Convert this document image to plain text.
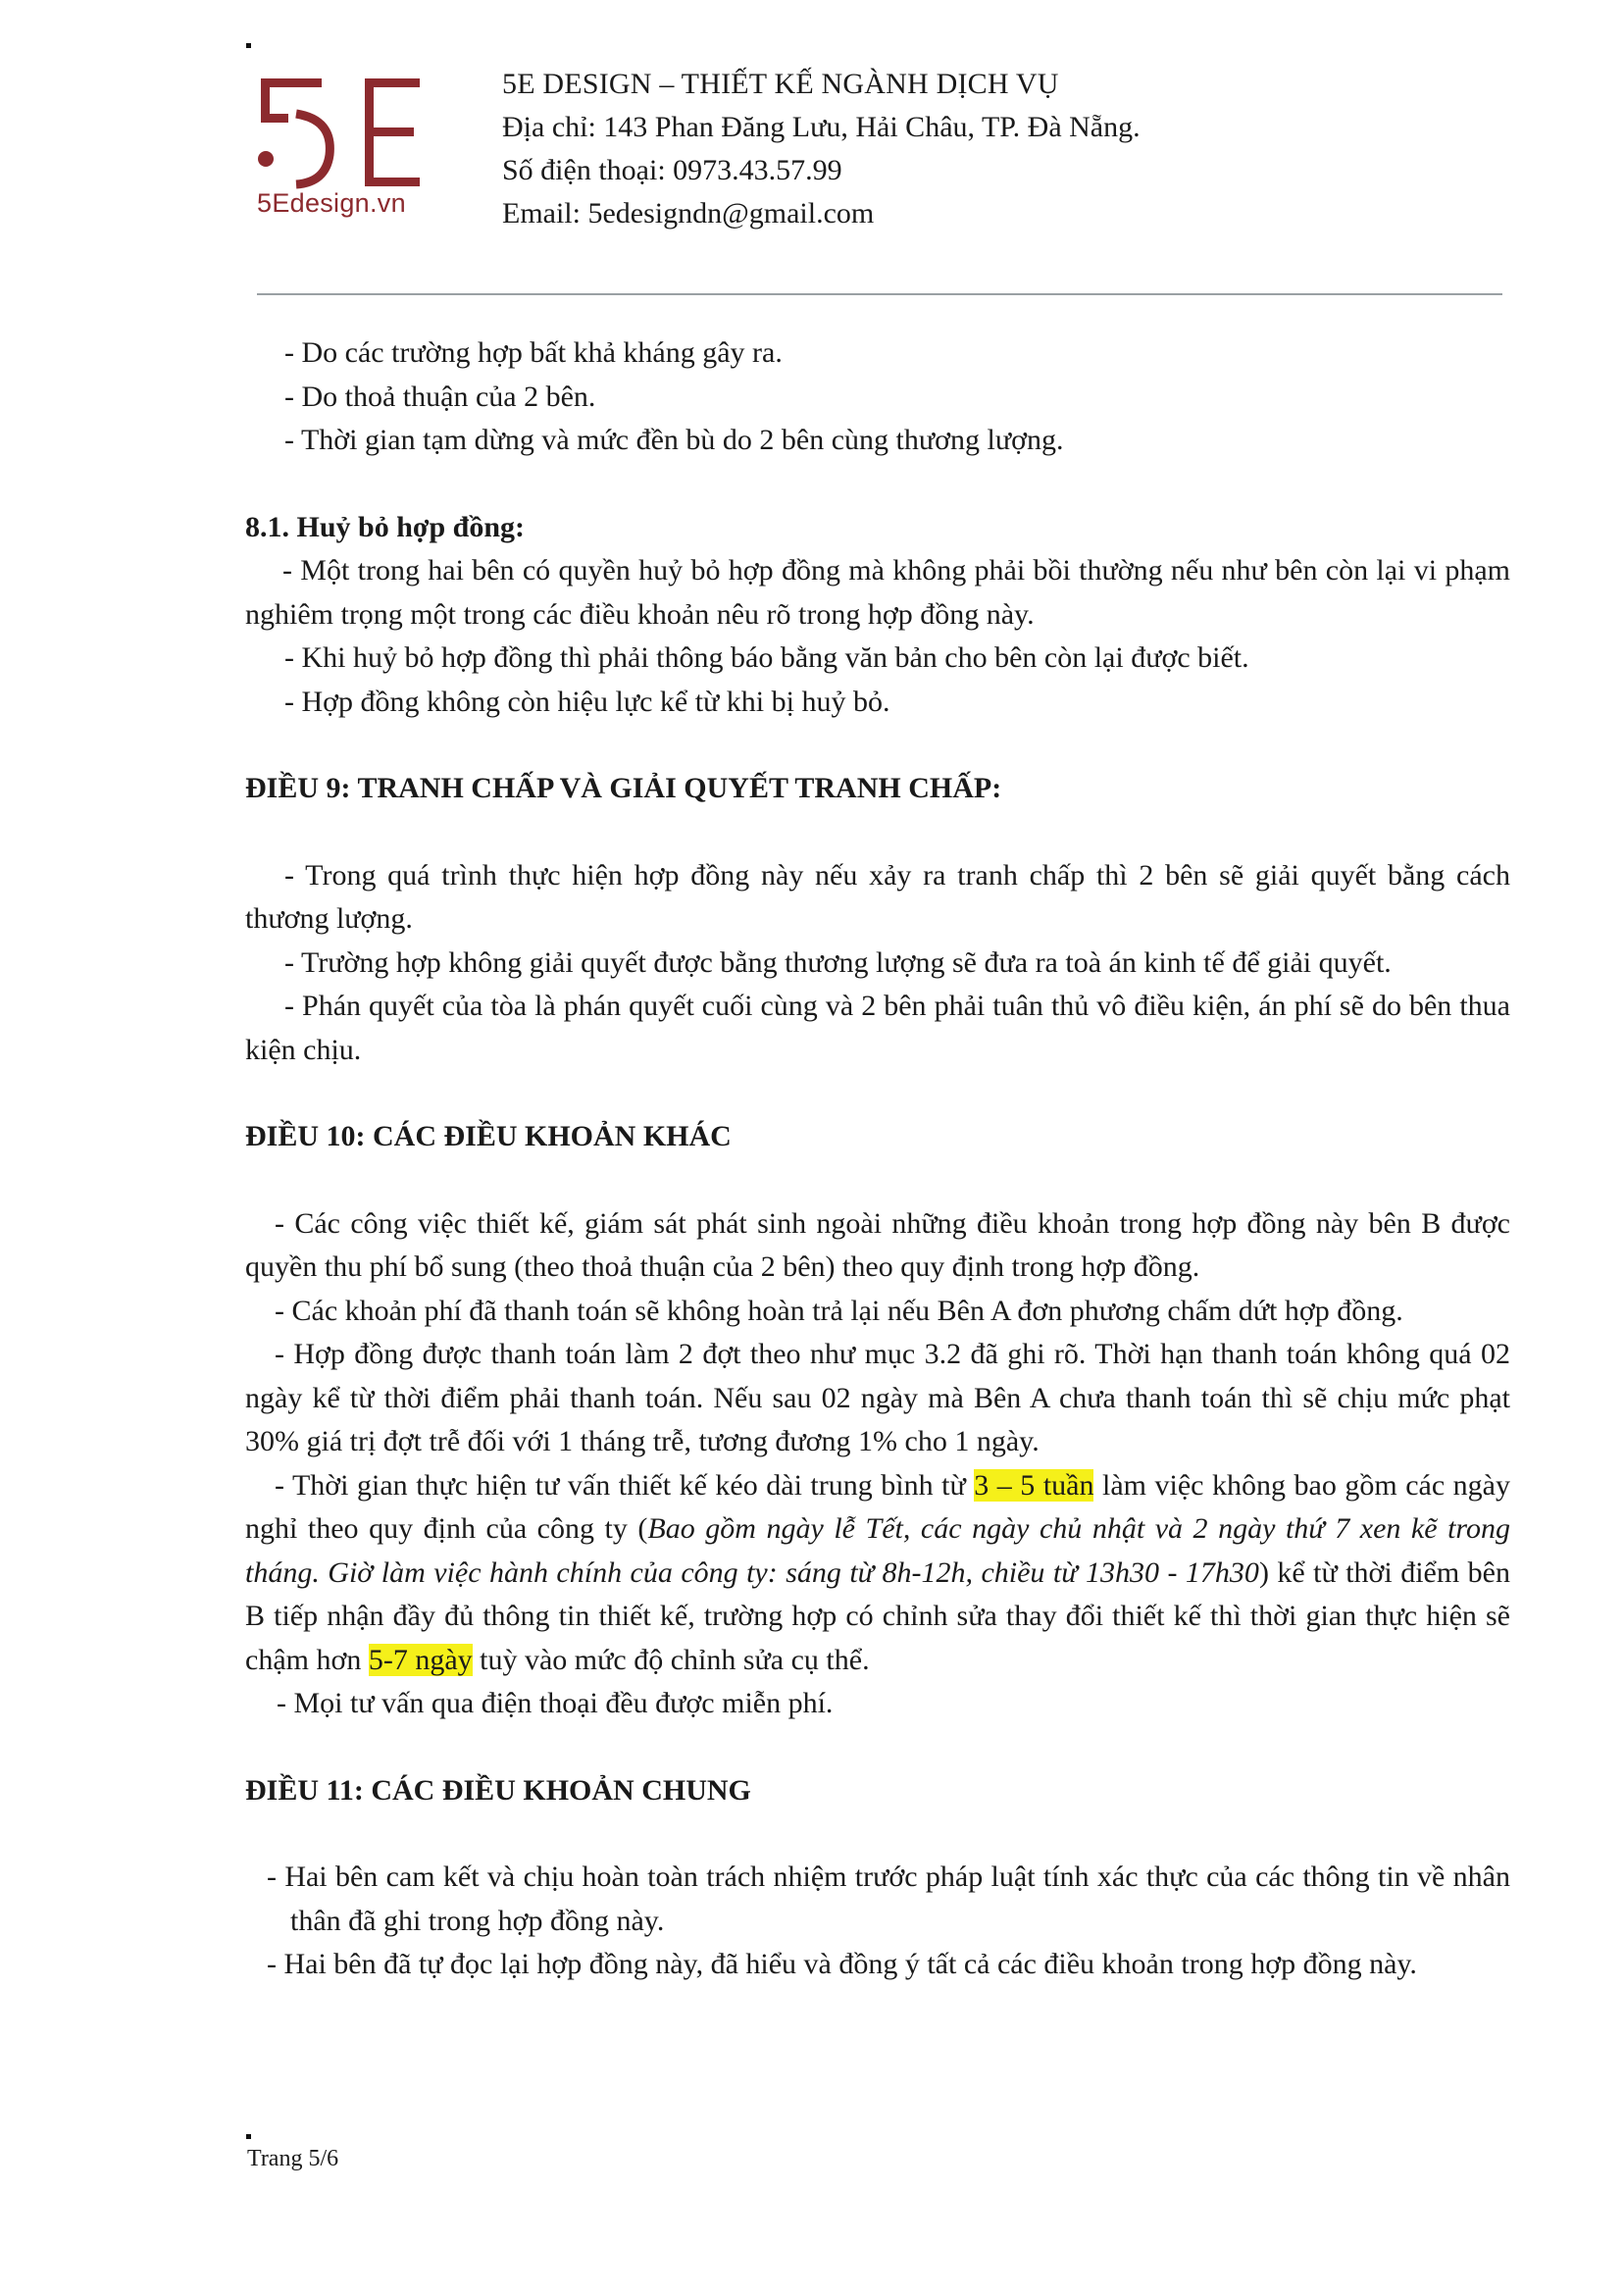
5Edesign.vn
5E DESIGN – THIẾT KẾ NGÀNH DỊCH VỤ
Địa chỉ: 143 Phan Đăng Lưu, Hải Châu, TP. Đà Nẵng.
Số điện thoại: 0973.43.57.99
Email: 5edesigndn@gmail.com

- Do các trường hợp bất khả kháng gây ra.

- Do thoả thuận của 2 bên.

- Thời gian tạm dừng và mức đền bù do 2 bên cùng thương lượng.

8.1. Huỷ bỏ hợp đồng:

- Một trong hai bên có quyền huỷ bỏ hợp đồng mà không phải bồi thường nếu như bên còn lại vi phạm nghiêm trọng một trong các điều khoản nêu rõ trong hợp đồng này.

- Khi huỷ bỏ hợp đồng thì phải thông báo bằng văn bản cho bên còn lại được biết.

- Hợp đồng không còn hiệu lực kể từ khi bị huỷ bỏ.

ĐIỀU 9: TRANH CHẤP VÀ GIẢI QUYẾT TRANH CHẤP:

- Trong quá trình thực hiện hợp đồng này nếu xảy ra tranh chấp thì 2 bên sẽ giải quyết bằng cách thương lượng.

- Trường hợp không giải quyết được bằng thương lượng sẽ đưa ra toà án kinh tế để giải quyết.

- Phán quyết của tòa là phán quyết cuối cùng và 2 bên phải tuân thủ vô điều kiện, án phí sẽ do bên thua kiện chịu.

ĐIỀU 10: CÁC ĐIỀU KHOẢN KHÁC

- Các công việc thiết kế, giám sát phát sinh ngoài những điều khoản trong hợp đồng này bên B được quyền thu phí bổ sung (theo thoả thuận của 2 bên) theo quy định trong hợp đồng.

- Các khoản phí đã thanh toán sẽ không hoàn trả lại nếu Bên A đơn phương chấm dứt hợp đồng.

- Hợp đồng được thanh toán làm 2 đợt theo như mục 3.2 đã ghi rõ. Thời hạn thanh toán không quá 02 ngày kể từ thời điểm phải thanh toán. Nếu sau 02 ngày mà Bên A chưa thanh toán thì sẽ chịu mức phạt 30% giá trị đợt trễ đối với 1 tháng trễ, tương đương 1% cho 1 ngày.

- Thời gian thực hiện tư vấn thiết kế kéo dài trung bình từ 3 – 5 tuần làm việc không bao gồm các ngày nghỉ theo quy định của công ty (Bao gồm ngày lễ Tết, các ngày chủ nhật và 2 ngày thứ 7 xen kẽ trong tháng. Giờ làm việc hành chính của công ty: sáng từ 8h-12h, chiều từ 13h30 - 17h30) kể từ thời điểm bên B tiếp nhận đầy đủ thông tin thiết kế, trường hợp có chỉnh sửa thay đổi thiết kế thì thời gian thực hiện sẽ chậm hơn 5-7 ngày tuỳ vào mức độ chỉnh sửa cụ thể.

- Mọi tư vấn qua điện thoại đều được miễn phí.

ĐIỀU 11: CÁC ĐIỀU KHOẢN CHUNG

- Hai bên cam kết và chịu hoàn toàn trách nhiệm trước pháp luật tính xác thực của các thông tin về nhân thân đã ghi trong hợp đồng này.

- Hai bên đã tự đọc lại hợp đồng này, đã hiểu và đồng ý tất cả các điều khoản trong hợp đồng này.

Trang 5/6
